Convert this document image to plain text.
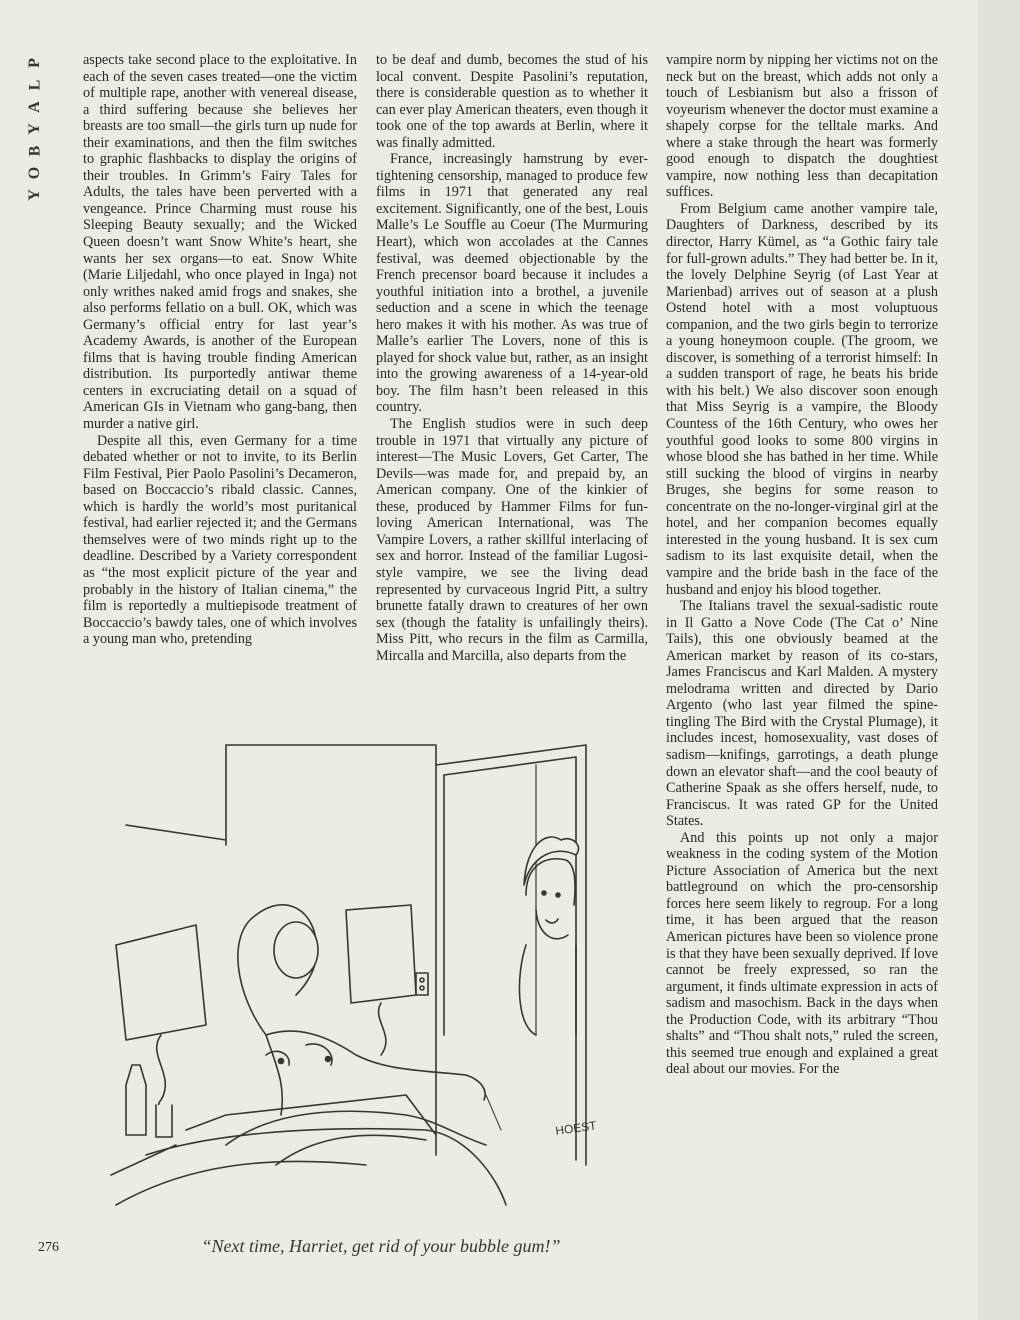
P
L
A
Y
B
O
Y

aspects take second place to the exploitative. In each of the seven cases treated—one the victim of multiple rape, another with venereal disease, a third suffering because she believes her breasts are too small—the girls turn up nude for their examinations, and then the film switches to graphic flashbacks to display the origins of their troubles. In Grimm’s Fairy Tales for Adults, the tales have been perverted with a vengeance. Prince Charming must rouse his Sleeping Beauty sexually; and the Wicked Queen doesn’t want Snow White’s heart, she wants her sex organs—to eat. Snow White (Marie Liljedahl, who once played in Inga) not only writhes naked amid frogs and snakes, she also performs fellatio on a bull. OK, which was Germany’s official entry for last year’s Academy Awards, is another of the European films that is having trouble finding American distribution. Its purportedly antiwar theme centers in excruciating detail on a squad of American GIs in Vietnam who gang-bang, then murder a native girl.

Despite all this, even Germany for a time debated whether or not to invite, to its Berlin Film Festival, Pier Paolo Pasolini’s Decameron, based on Boccaccio’s ribald classic. Cannes, which is hardly the world’s most puritanical festival, had earlier rejected it; and the Germans themselves were of two minds right up to the deadline. Described by a Variety correspondent as “the most explicit picture of the year and probably in the history of Italian cinema,” the film is reportedly a multiepisode treatment of Boccaccio’s bawdy tales, one of which involves a young man who, pretending

to be deaf and dumb, becomes the stud of his local convent. Despite Pasolini’s reputation, there is considerable question as to whether it can ever play American theaters, even though it took one of the top awards at Berlin, where it was finally admitted.

France, increasingly hamstrung by ever-tightening censorship, managed to produce few films in 1971 that generated any real excitement. Significantly, one of the best, Louis Malle’s Le Souffle au Coeur (The Murmuring Heart), which won accolades at the Cannes festival, was deemed objectionable by the French precensor board because it includes a youthful initiation into a brothel, a juvenile seduction and a scene in which the teenage hero makes it with his mother. As was true of Malle’s earlier The Lovers, none of this is played for shock value but, rather, as an insight into the growing awareness of a 14-year-old boy. The film hasn’t been released in this country.

The English studios were in such deep trouble in 1971 that virtually any picture of interest—The Music Lovers, Get Carter, The Devils—was made for, and prepaid by, an American company. One of the kinkier of these, produced by Hammer Films for fun-loving American International, was The Vampire Lovers, a rather skillful interlacing of sex and horror. Instead of the familiar Lugosi-style vampire, we see the living dead represented by curvaceous Ingrid Pitt, a sultry brunette fatally drawn to creatures of her own sex (though the fatality is unfailingly theirs). Miss Pitt, who recurs in the film as Carmilla, Mircalla and Marcilla, also departs from the

vampire norm by nipping her victims not on the neck but on the breast, which adds not only a touch of Lesbianism but also a frisson of voyeurism whenever the doctor must examine a shapely corpse for the telltale marks. And where a stake through the heart was formerly good enough to dispatch the doughtiest vampire, now nothing less than decapitation suffices.

From Belgium came another vampire tale, Daughters of Darkness, described by its director, Harry Kümel, as “a Gothic fairy tale for full-grown adults.” They had better be. In it, the lovely Delphine Seyrig (of Last Year at Marienbad) arrives out of season at a plush Ostend hotel with a most voluptuous companion, and the two girls begin to terrorize a young honeymoon couple. (The groom, we discover, is something of a terrorist himself: In a sudden transport of rage, he beats his bride with his belt.) We also discover soon enough that Miss Seyrig is a vampire, the Bloody Countess of the 16th Century, who owes her youthful good looks to some 800 virgins in whose blood she has bathed in her time. While still sucking the blood of virgins in nearby Bruges, she begins for some reason to concentrate on the no-longer-virginal girl at the hotel, and her companion becomes equally interested in the young husband. It is sex cum sadism to its last exquisite detail, when the vampire and the bride bash in the face of the husband and enjoy his blood together.

The Italians travel the sexual-sadistic route in Il Gatto a Nove Code (The Cat o’ Nine Tails), this one obviously beamed at the American market by reason of its co-stars, James Franciscus and Karl Malden. A mystery melodrama written and directed by Dario Argento (who last year filmed the spine-tingling The Bird with the Crystal Plumage), it includes incest, homosexuality, vast doses of sadism—knifings, garrotings, a death plunge down an elevator shaft—and the cool beauty of Catherine Spaak as she offers herself, nude, to Franciscus. It was rated GP for the United States.

And this points up not only a major weakness in the coding system of the Motion Picture Association of America but the next battleground on which the pro-censorship forces here seem likely to regroup. For a long time, it has been argued that the reason American pictures have been so violence prone is that they have been sexually deprived. If love cannot be freely expressed, so ran the argument, it finds ultimate expression in acts of sadism and masochism. Back in the days when the Production Code, with its arbitrary “Thou shalts” and “Thou shalt nots,” ruled the screen, this seemed true enough and explained a great deal about our movies. For the

HOEST
“Next time, Harriet, get rid of your bubble gum!”
276
